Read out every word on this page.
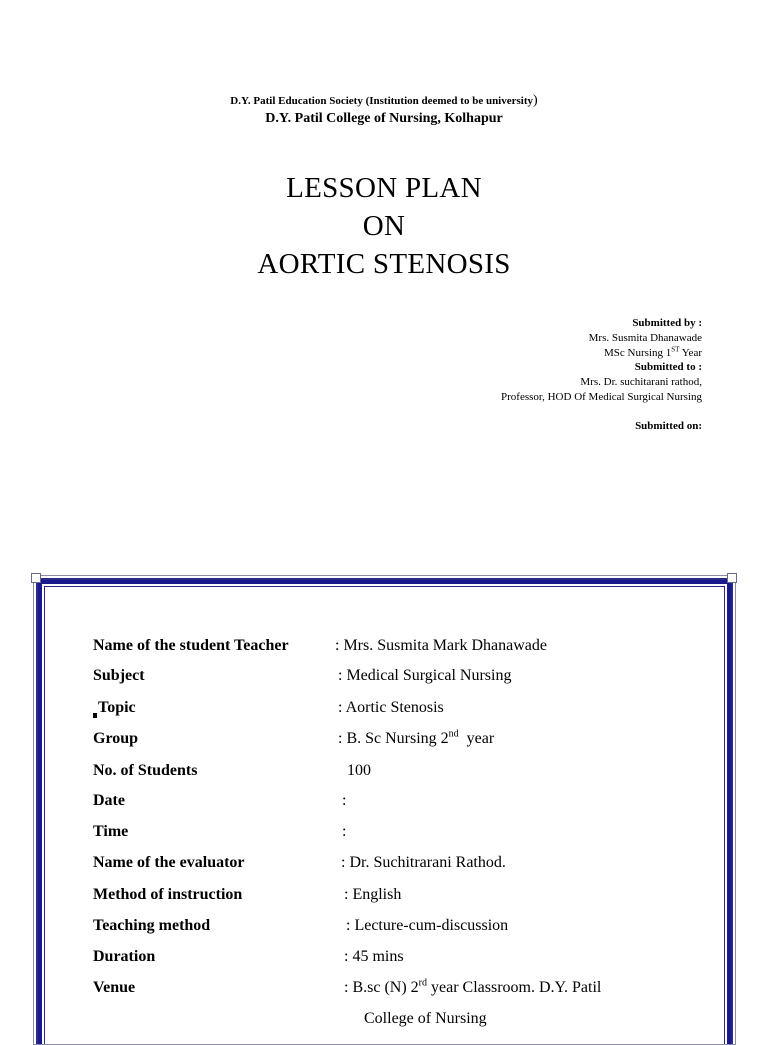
D.Y. Patil Education Society (Institution deemed to be university)
D.Y. Patil College of Nursing, Kolhapur
LESSON PLAN
ON
AORTIC STENOSIS
Submitted by :
Mrs. Susmita Dhanawade
MSc Nursing 1ST Year
Submitted to :
Mrs. Dr. suchitarani rathod,
Professor, HOD Of Medical Surgical Nursing
Submitted on:
Name of the student Teacher	: Mrs. Susmita Mark Dhanawade
Subject	: Medical Surgical Nursing
Topic	: Aortic Stenosis
Group	: B. Sc Nursing 2nd  year
No. of Students	100
Date	:
Time	:
Name of the evaluator	: Dr. Suchitrarani Rathod.
Method of instruction	: English
Teaching method	: Lecture-cum-discussion
Duration	: 45 mins
Venue	: B.sc (N) 2rd year Classroom. D.Y. Patil
College of Nursing
